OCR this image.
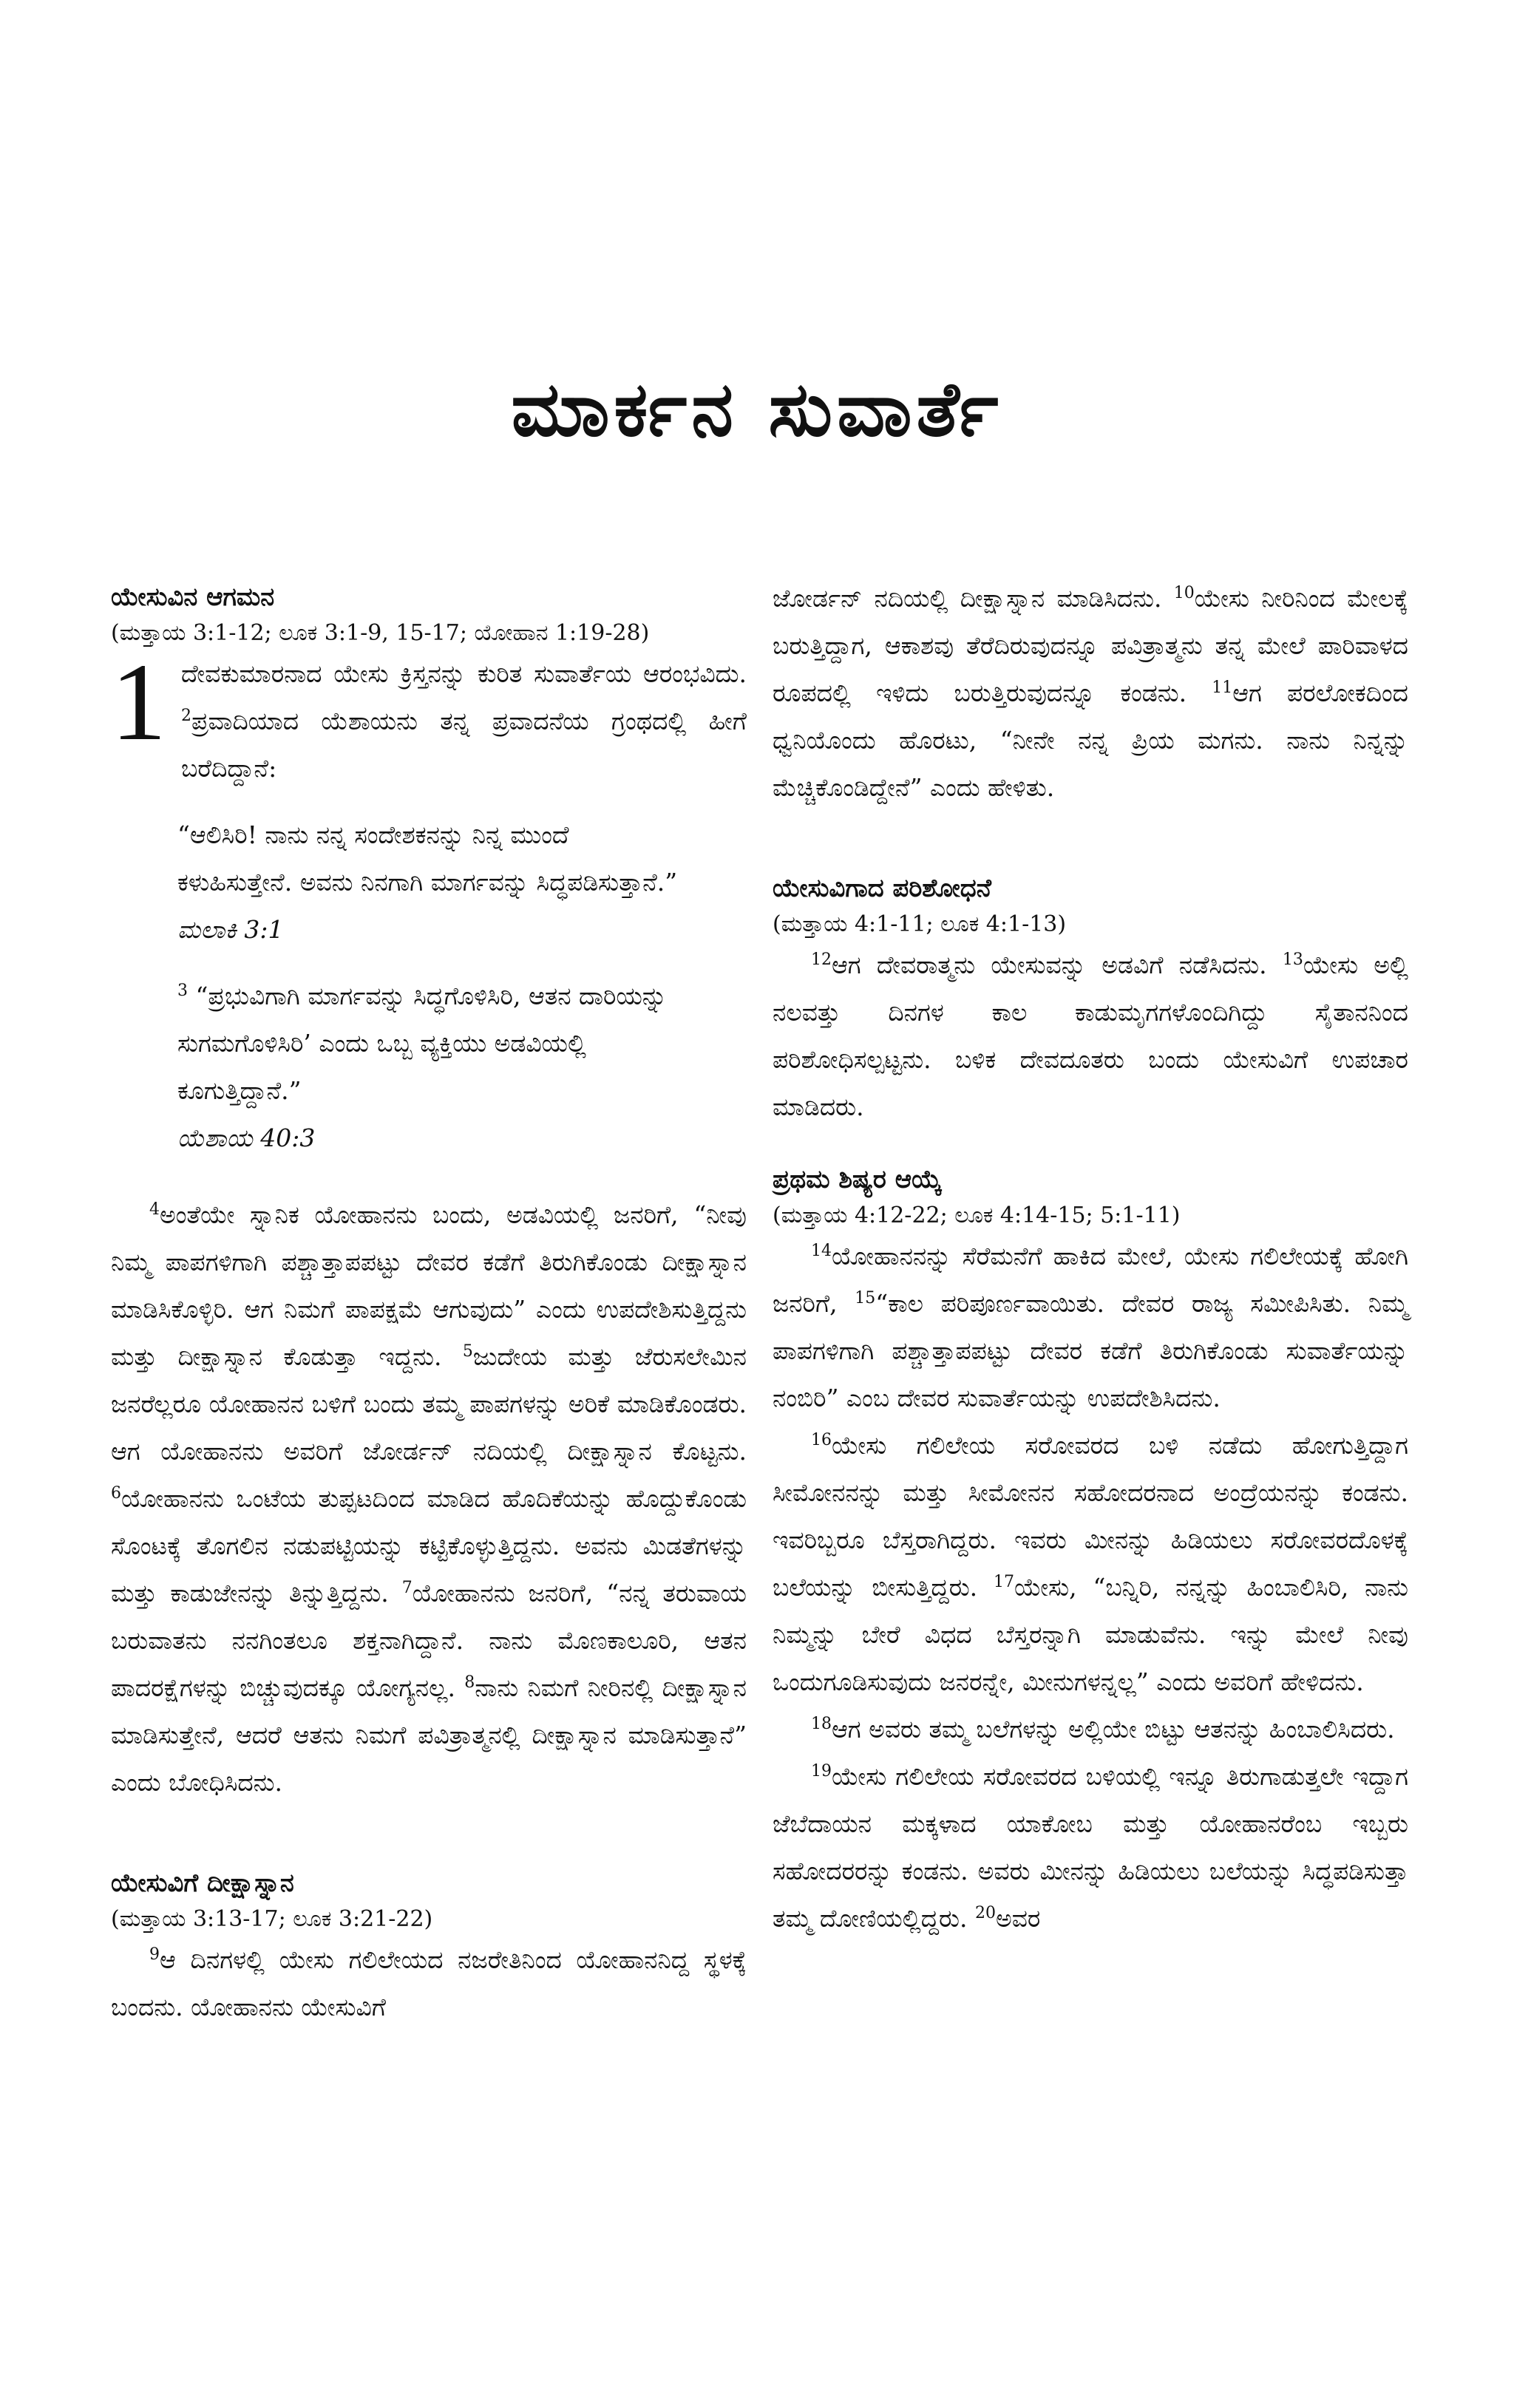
ಮಾರ್ಕನ ಸುವಾರ್ತೆ

ಯೇಸುವಿನ ಆಗಮನ

(ಮತ್ತಾಯ 3:1-12; ಲೂಕ 3:1-9, 15-17; ಯೋಹಾನ 1:19-28)

1 ದೇವಕುಮಾರನಾದ ಯೇಸು ಕ್ರಿಸ್ತನನ್ನು ಕುರಿತ ಸುವಾರ್ತೆಯ ಆರಂಭವಿದು. $^2$ಪ್ರವಾದಿಯಾದ ಯೆಶಾಯನು ತನ್ನ ಪ್ರವಾದನೆಯ ಗ್ರಂಥದಲ್ಲಿ ಹೀಗೆ ಬರೆದಿದ್ದಾನೆ:

“ಆಲಿಸಿರಿ! ನಾನು ನನ್ನ ಸಂದೇಶಕನನ್ನು ನಿನ್ನ ಮುಂದೆ ಕಳುಹಿಸುತ್ತೇನೆ. ಅವನು ನಿನಗಾಗಿ ಮಾರ್ಗವನ್ನು ಸಿದ್ಧಪಡಿಸುತ್ತಾನೆ.”

ಮಲಾಕಿ 3:1

$^3$ “ಪ್ರಭುವಿಗಾಗಿ ಮಾರ್ಗವನ್ನು ಸಿದ್ಧಗೊಳಿಸಿರಿ, ಆತನ ದಾರಿಯನ್ನು ಸುಗಮಗೊಳಿಸಿರಿ’ ಎಂದು ಒಬ್ಬ ವ್ಯಕ್ತಿಯು ಅಡವಿಯಲ್ಲಿ ಕೂಗುತ್ತಿದ್ದಾನೆ.”

ಯೆಶಾಯ 40:3

$^4$ಅಂತೆಯೇ ಸ್ನಾನಿಕ ಯೋಹಾನನು ಬಂದು, ಅಡವಿಯಲ್ಲಿ ಜನರಿಗೆ, “ನೀವು ನಿಮ್ಮ ಪಾಪಗಳಿಗಾಗಿ ಪಶ್ಚಾತ್ತಾಪಪಟ್ಟು ದೇವರ ಕಡೆಗೆ ತಿರುಗಿಕೊಂಡು ದೀಕ್ಷಾಸ್ನಾನ ಮಾಡಿಸಿಕೊಳ್ಳಿರಿ. ಆಗ ನಿಮಗೆ ಪಾಪಕ್ಷಮೆ ಆಗುವುದು” ಎಂದು ಉಪದೇಶಿಸುತ್ತಿದ್ದನು ಮತ್ತು ದೀಕ್ಷಾಸ್ನಾನ ಕೊಡುತ್ತಾ ಇದ್ದನು. $^5$ಜುದೇಯ ಮತ್ತು ಜೆರುಸಲೇಮಿನ ಜನರೆಲ್ಲರೂ ಯೋಹಾನನ ಬಳಿಗೆ ಬಂದು ತಮ್ಮ ಪಾಪಗಳನ್ನು ಅರಿಕೆ ಮಾಡಿಕೊಂಡರು. ಆಗ ಯೋಹಾನನು ಅವರಿಗೆ ಜೋರ್ಡನ್ ನದಿಯಲ್ಲಿ ದೀಕ್ಷಾಸ್ನಾನ ಕೊಟ್ಟನು. $^6$ಯೋಹಾನನು ಒಂಟೆಯ ತುಪ್ಪಟದಿಂದ ಮಾಡಿದ ಹೊದಿಕೆಯನ್ನು ಹೊದ್ದುಕೊಂಡು ಸೊಂಟಕ್ಕೆ ತೊಗಲಿನ ನಡುಪಟ್ಟಿಯನ್ನು ಕಟ್ಟಿಕೊಳ್ಳುತ್ತಿದ್ದನು. ಅವನು ಮಿಡತೆಗಳನ್ನು ಮತ್ತು ಕಾಡುಜೇನನ್ನು ತಿನ್ನುತ್ತಿದ್ದನು. $^7$ಯೋಹಾನನು ಜನರಿಗೆ, “ನನ್ನ ತರುವಾಯ ಬರುವಾತನು ನನಗಿಂತಲೂ ಶಕ್ತನಾಗಿದ್ದಾನೆ. ನಾನು ಮೊಣಕಾಲೂರಿ, ಆತನ ಪಾದರಕ್ಷೆಗಳನ್ನು ಬಿಚ್ಚುವುದಕ್ಕೂ ಯೋಗ್ಯನಲ್ಲ. $^8$ನಾನು ನಿಮಗೆ ನೀರಿನಲ್ಲಿ ದೀಕ್ಷಾಸ್ನಾನ ಮಾಡಿಸುತ್ತೇನೆ, ಆದರೆ ಆತನು ನಿಮಗೆ ಪವಿತ್ರಾತ್ಮನಲ್ಲಿ ದೀಕ್ಷಾಸ್ನಾನ ಮಾಡಿಸುತ್ತಾನೆ” ಎಂದು ಬೋಧಿಸಿದನು.

ಯೇಸುವಿಗೆ ದೀಕ್ಷಾಸ್ನಾನ

(ಮತ್ತಾಯ 3:13-17; ಲೂಕ 3:21-22)

$^9$ಆ ದಿನಗಳಲ್ಲಿ ಯೇಸು ಗಲಿಲೇಯದ ನಜರೇತಿನಿಂದ ಯೋಹಾನನಿದ್ದ ಸ್ಥಳಕ್ಕೆ ಬಂದನು. ಯೋಹಾನನು ಯೇಸುವಿಗೆ

ಜೋರ್ಡನ್ ನದಿಯಲ್ಲಿ ದೀಕ್ಷಾಸ್ನಾನ ಮಾಡಿಸಿದನು. $^{10}$ಯೇಸು ನೀರಿನಿಂದ ಮೇಲಕ್ಕೆ ಬರುತ್ತಿದ್ದಾಗ, ಆಕಾಶವು ತೆರೆದಿರುವುದನ್ನೂ ಪವಿತ್ರಾತ್ಮನು ತನ್ನ ಮೇಲೆ ಪಾರಿವಾಳದ ರೂಪದಲ್ಲಿ ಇಳಿದು ಬರುತ್ತಿರುವುದನ್ನೂ ಕಂಡನು. $^{11}$ಆಗ ಪರಲೋಕದಿಂದ ಧ್ವನಿಯೊಂದು ಹೊರಟು, “ನೀನೇ ನನ್ನ ಪ್ರಿಯ ಮಗನು. ನಾನು ನಿನ್ನನ್ನು ಮೆಚ್ಚಿಕೊಂಡಿದ್ದೇನೆ” ಎಂದು ಹೇಳಿತು.

ಯೇಸುವಿಗಾದ ಪರಿಶೋಧನೆ

(ಮತ್ತಾಯ 4:1-11; ಲೂಕ 4:1-13)

$^{12}$ಆಗ ದೇವರಾತ್ಮನು ಯೇಸುವನ್ನು ಅಡವಿಗೆ ನಡೆಸಿದನು. $^{13}$ಯೇಸು ಅಲ್ಲಿ ನಲವತ್ತು ದಿನಗಳ ಕಾಲ ಕಾಡುಮೃಗಗಳೊಂದಿಗಿದ್ದು ಸೈತಾನನಿಂದ ಪರಿಶೋಧಿಸಲ್ಪಟ್ಟನು. ಬಳಿಕ ದೇವದೂತರು ಬಂದು ಯೇಸುವಿಗೆ ಉಪಚಾರ ಮಾಡಿದರು.

ಪ್ರಥಮ ಶಿಷ್ಯರ ಆಯ್ಕೆ

(ಮತ್ತಾಯ 4:12-22; ಲೂಕ 4:14-15; 5:1-11)

$^{14}$ಯೋಹಾನನನ್ನು ಸೆರೆಮನೆಗೆ ಹಾಕಿದ ಮೇಲೆ, ಯೇಸು ಗಲಿಲೇಯಕ್ಕೆ ಹೋಗಿ ಜನರಿಗೆ, $^{15}$“ಕಾಲ ಪರಿಪೂರ್ಣವಾಯಿತು. ದೇವರ ರಾಜ್ಯ ಸಮೀಪಿಸಿತು. ನಿಮ್ಮ ಪಾಪಗಳಿಗಾಗಿ ಪಶ್ಚಾತ್ತಾಪಪಟ್ಟು ದೇವರ ಕಡೆಗೆ ತಿರುಗಿಕೊಂಡು ಸುವಾರ್ತೆಯನ್ನು ನಂಬಿರಿ” ಎಂಬ ದೇವರ ಸುವಾರ್ತೆಯನ್ನು ಉಪದೇಶಿಸಿದನು.

$^{16}$ಯೇಸು ಗಲಿಲೇಯ ಸರೋವರದ ಬಳಿ ನಡೆದು ಹೋಗುತ್ತಿದ್ದಾಗ ಸೀಮೋನನನ್ನು ಮತ್ತು ಸೀಮೋನನ ಸಹೋದರನಾದ ಅಂದ್ರೆಯನನ್ನು ಕಂಡನು. ಇವರಿಬ್ಬರೂ ಬೆಸ್ತರಾಗಿದ್ದರು. ಇವರು ಮೀನನ್ನು ಹಿಡಿಯಲು ಸರೋವರದೊಳಕ್ಕೆ ಬಲೆಯನ್ನು ಬೀಸುತ್ತಿದ್ದರು. $^{17}$ಯೇಸು, “ಬನ್ನಿರಿ, ನನ್ನನ್ನು ಹಿಂಬಾಲಿಸಿರಿ, ನಾನು ನಿಮ್ಮನ್ನು ಬೇರೆ ವಿಧದ ಬೆಸ್ತರನ್ನಾಗಿ ಮಾಡುವೆನು. ಇನ್ನು ಮೇಲೆ ನೀವು ಒಂದುಗೂಡಿಸುವುದು ಜನರನ್ನೇ, ಮೀನುಗಳನ್ನಲ್ಲ” ಎಂದು ಅವರಿಗೆ ಹೇಳಿದನು.

$^{18}$ಆಗ ಅವರು ತಮ್ಮ ಬಲೆಗಳನ್ನು ಅಲ್ಲಿಯೇ ಬಿಟ್ಟು ಆತನನ್ನು ಹಿಂಬಾಲಿಸಿದರು.

$^{19}$ಯೇಸು ಗಲಿಲೇಯ ಸರೋವರದ ಬಳಿಯಲ್ಲಿ ಇನ್ನೂ ತಿರುಗಾಡುತ್ತಲೇ ಇದ್ದಾಗ ಜೆಬೆದಾಯನ ಮಕ್ಕಳಾದ ಯಾಕೋಬ ಮತ್ತು ಯೋಹಾನರೆಂಬ ಇಬ್ಬರು ಸಹೋದರರನ್ನು ಕಂಡನು. ಅವರು ಮೀನನ್ನು ಹಿಡಿಯಲು ಬಲೆಯನ್ನು ಸಿದ್ಧಪಡಿಸುತ್ತಾ ತಮ್ಮ ದೋಣಿಯಲ್ಲಿದ್ದರು. $^{20}$ಅವರ
